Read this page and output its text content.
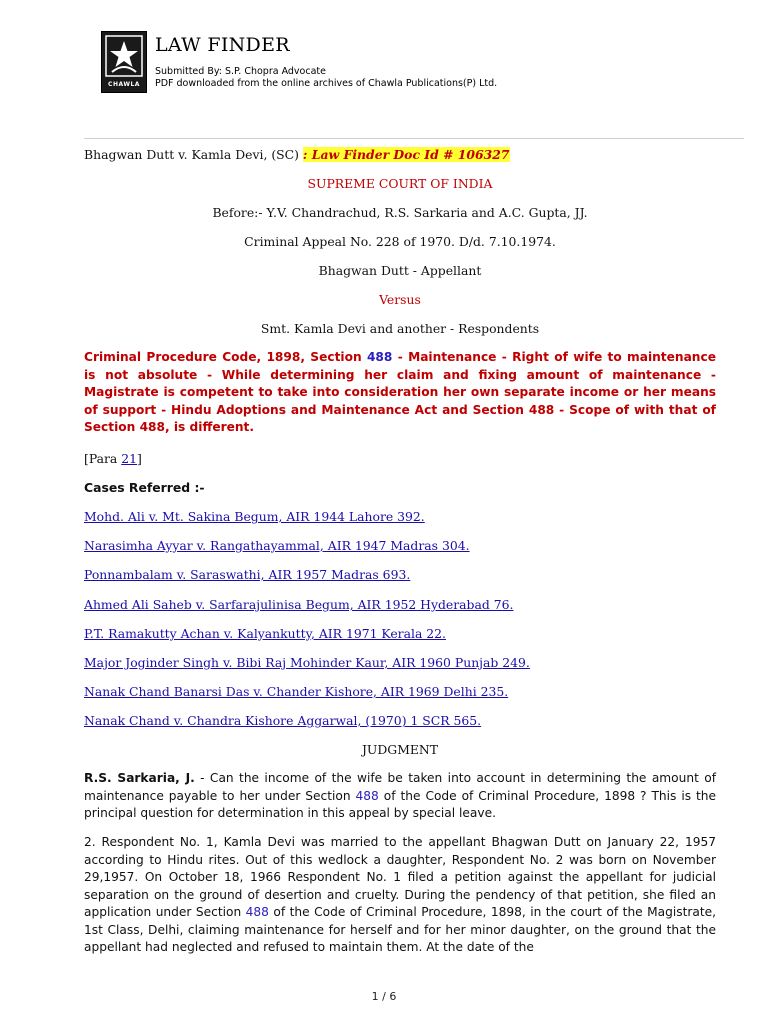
CHAWLA
LAW FINDER
Submitted By: S.P. Chopra Advocate
PDF downloaded from the online archives of Chawla Publications(P) Ltd.
Bhagwan Dutt v. Kamla Devi, (SC) : Law Finder Doc Id # 106327
SUPREME COURT OF INDIA
Before:- Y.V. Chandrachud, R.S. Sarkaria and A.C. Gupta, JJ.
Criminal Appeal No. 228 of 1970. D/d. 7.10.1974.
Bhagwan Dutt - Appellant
Versus
Smt. Kamla Devi and another - Respondents
Criminal Procedure Code, 1898, Section 488 - Maintenance - Right of wife to maintenance is not absolute - While determining her claim and fixing amount of maintenance - Magistrate is competent to take into consideration her own separate income or her means of support - Hindu Adoptions and Maintenance Act and Section 488 - Scope of with that of Section 488, is different.
[Para 21]
Cases Referred :-
Mohd. Ali v. Mt. Sakina Begum, AIR 1944 Lahore 392.
Narasimha Ayyar v. Rangathayammal, AIR 1947 Madras 304.
Ponnambalam v. Saraswathi, AIR 1957 Madras 693.
Ahmed Ali Saheb v. Sarfarajulinisa Begum, AIR 1952 Hyderabad 76.
P.T. Ramakutty Achan v. Kalyankutty, AIR 1971 Kerala 22.
Major Joginder Singh v. Bibi Raj Mohinder Kaur, AIR 1960 Punjab 249.
Nanak Chand Banarsi Das v. Chander Kishore, AIR 1969 Delhi 235.
Nanak Chand v. Chandra Kishore Aggarwal, (1970) 1 SCR 565.
JUDGMENT
R.S. Sarkaria, J. - Can the income of the wife be taken into account in determining the amount of maintenance payable to her under Section 488 of the Code of Criminal Procedure, 1898 ? This is the principal question for determination in this appeal by special leave.
2. Respondent No. 1, Kamla Devi was married to the appellant Bhagwan Dutt on January 22, 1957 according to Hindu rites. Out of this wedlock a daughter, Respondent No. 2 was born on November 29,1957. On October 18, 1966 Respondent No. 1 filed a petition against the appellant for judicial separation on the ground of desertion and cruelty. During the pendency of that petition, she filed an application under Section 488 of the Code of Criminal Procedure, 1898, in the court of the Magistrate, 1st Class, Delhi, claiming maintenance for herself and for her minor daughter, on the ground that the appellant had neglected and refused to maintain them. At the date of the
1 / 6
